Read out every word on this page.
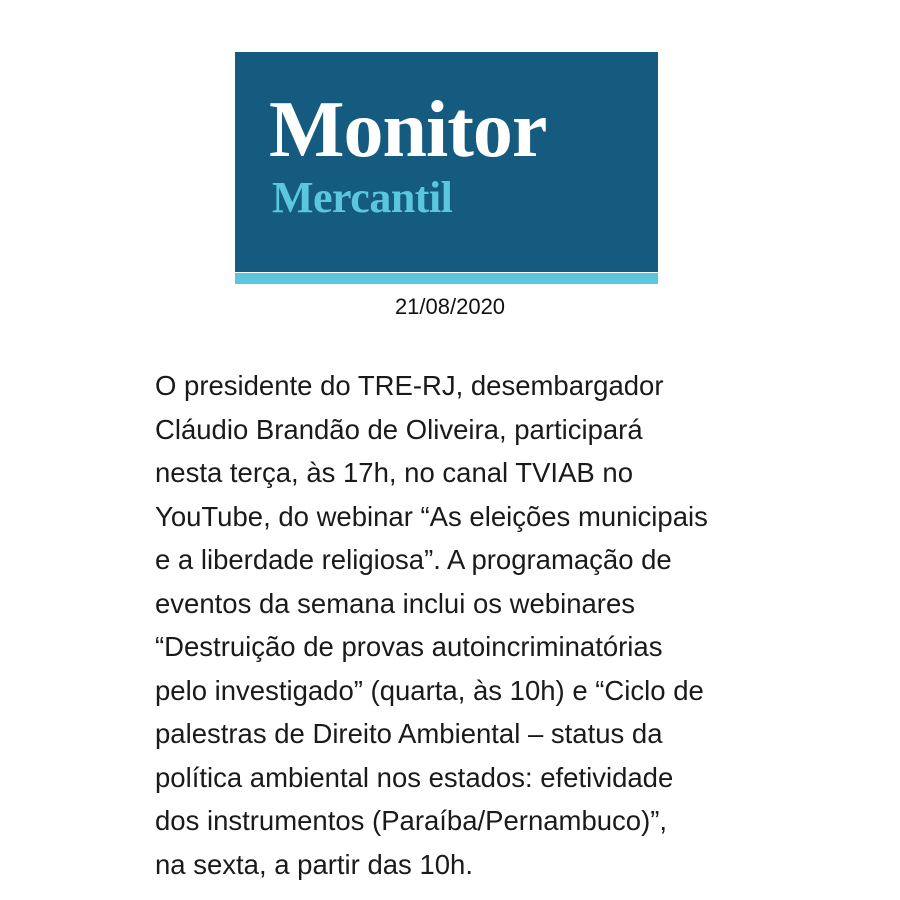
Monitor
Mercantil
21/08/2020

O presidente do TRE-RJ, desembargador
Cláudio Brandão de Oliveira, participará
nesta terça, às 17h, no canal TVIAB no
YouTube, do webinar “As eleições municipais
e a liberdade religiosa”. A programação de
eventos da semana inclui os webinares
“Destruição de provas autoincriminatórias
pelo investigado” (quarta, às 10h) e “Ciclo de
palestras de Direito Ambiental – status da
política ambiental nos estados: efetividade
dos instrumentos (Paraíba/Pernambuco)”,
na sexta, a partir das 10h.
